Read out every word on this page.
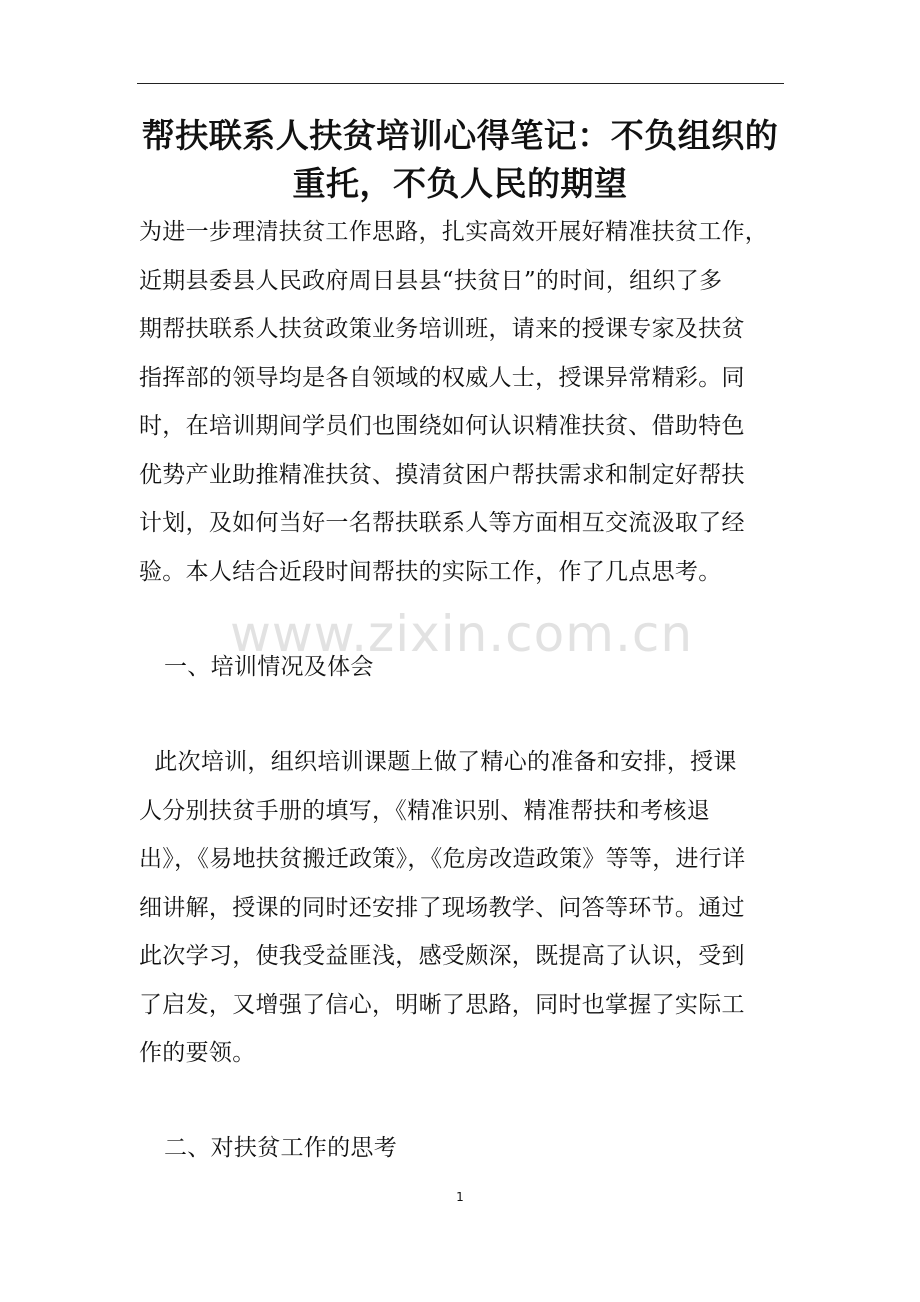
帮扶联系人扶贫培训心得笔记：不负组织的
重托，不负人民的期望
为进一步理清扶贫工作思路，扎实高效开展好精准扶贫工作，
近期县委县人民政府周日县县“扶贫日”的时间，组织了多
期帮扶联系人扶贫政策业务培训班，请来的授课专家及扶贫
指挥部的领导均是各自领域的权威人士，授课异常精彩。同
时，在培训期间学员们也围绕如何认识精准扶贫、借助特色
优势产业助推精准扶贫、摸清贫困户帮扶需求和制定好帮扶
计划，及如何当好一名帮扶联系人等方面相互交流汲取了经
验。本人结合近段时间帮扶的实际工作，作了几点思考。
www.zixin.com.cn
一、培训情况及体会
此次培训，组织培训课题上做了精心的准备和安排，授课
人分别扶贫手册的填写，《精准识别、精准帮扶和考核退
出》，《易地扶贫搬迁政策》，《危房改造政策》等等，进行详
细讲解，授课的同时还安排了现场教学、问答等环节。通过
此次学习，使我受益匪浅，感受颇深，既提高了认识，受到
了启发，又增强了信心，明晰了思路，同时也掌握了实际工
作的要领。
二、对扶贫工作的思考
1
